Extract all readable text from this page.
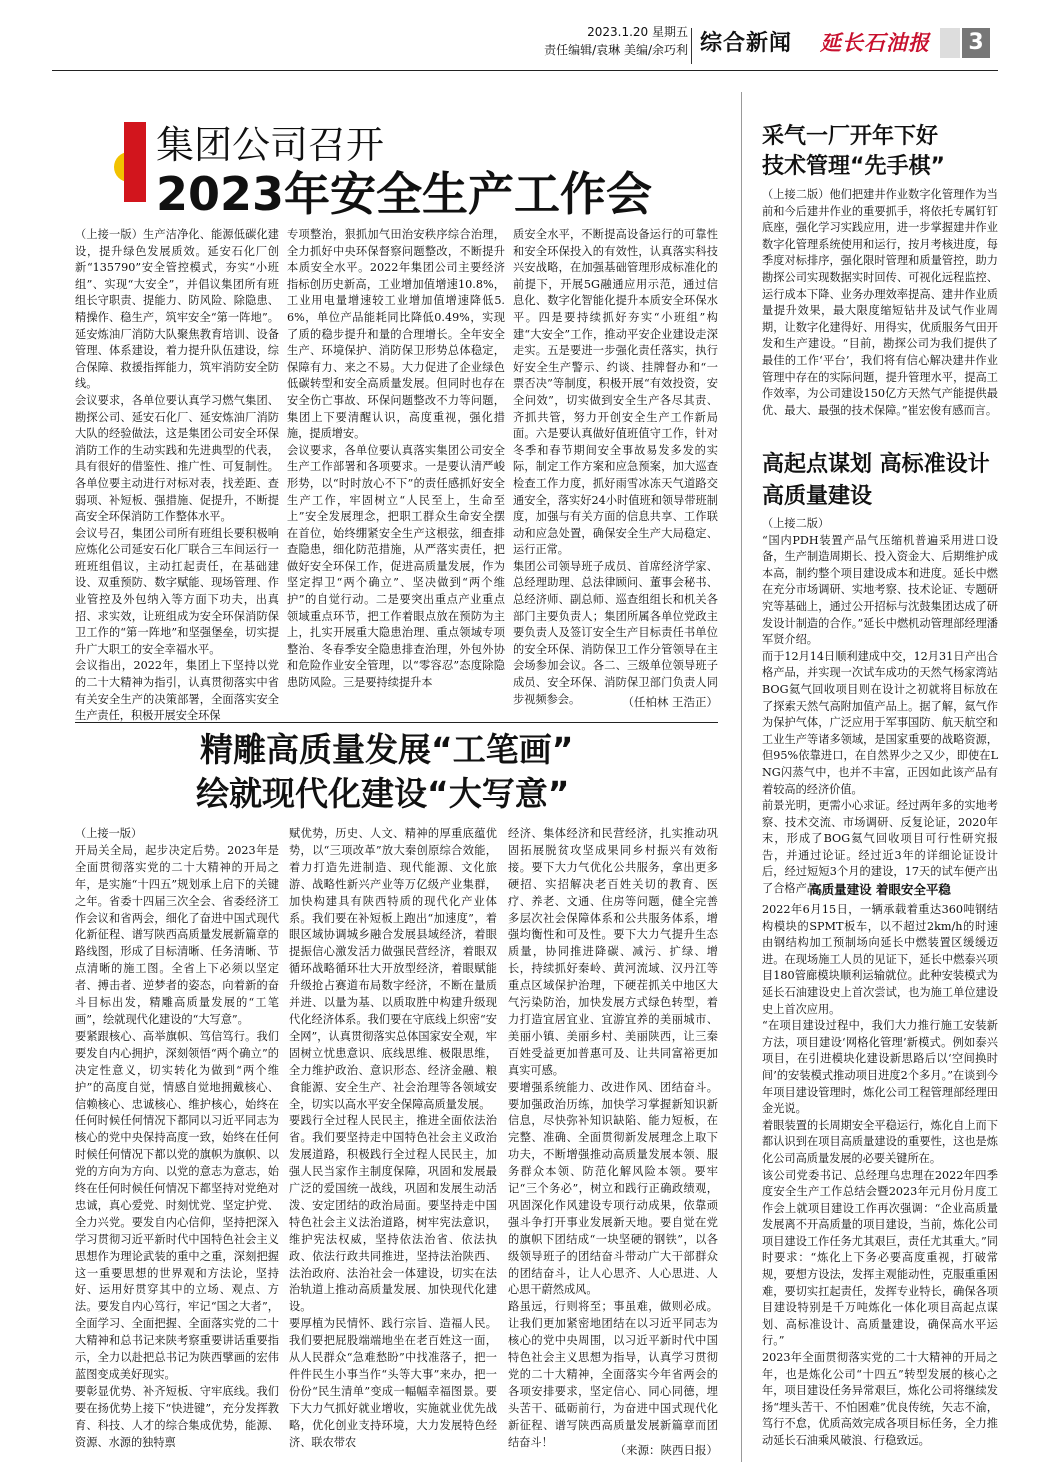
2023.1.20 星期五
责任编辑/袁琳 美编/余巧利 综合新闻	延长石油报	3
集团公司召开
2023年安全生产工作会
（上接一版）生产洁净化、能源低碳化建设，提升绿色发展质效。延安石化厂创新“135790”安全管控模式，夯实“小班组”、实现“大安全”，并倡议集团所有班组长守职责、提能力、防风险、除隐患、精操作、稳生产，筑牢安全“第一阵地”。延安炼油厂消防大队聚焦教育培训、设备管理、体系建设，着力提升队伍建设，综合保障、救援指挥能力，筑牢消防安全防线。
会议要求，各单位要认真学习燃气集团、勘探公司、延安石化厂、延安炼油厂消防大队的经验做法，这是集团公司安全环保消防工作的生动实践和先进典型的代表，具有很好的借鉴性、推广性、可复制性。各单位要主动进行对标对表，找差距、查弱项、补短板、强措施、促提升，不断提高安全环保消防工作整体水平。
会议号召，集团公司所有班组长要积极响应炼化公司延安石化厂联合三车间运行一班班组倡议，主动扛起责任，在基础建设、双重预防、数字赋能、现场管理、作业管控及外包纳入等方面下功夫，出真招、求实效，让班组成为安全环保消防保卫工作的“第一阵地”和坚强堡垒，切实提升广大职工的安全幸福水平。
会议指出，2022年，集团上下坚持以党的二十大精神为指引，认真贯彻落实中省有关安全生产的决策部署，全面落实安全生产责任，积极开展安全环保
专项整治，狠抓加气田治安秩序综合治理，全力抓好中央环保督察问题整改，不断提升本质安全水平。2022年集团公司主要经济指标创历史新高，工业增加值增速10.8%，工业用电量增速较工业增加值增速降低5.6%，单位产品能耗同比降低0.49%，实现了质的稳步提升和量的合理增长。全年安全生产、环境保护、消防保卫形势总体稳定，保障有力、来之不易。大力促进了企业绿色低碳转型和安全高质量发展。但同时也存在安全伤亡事故、环保问题整改不力等问题，集团上下要清醒认识，高度重视，强化措施，提质增安。
会议要求，各单位要认真落实集团公司安全生产工作部署和各项要求。一是要认清严峻形势，以“时时放心不下”的责任感抓好安全生产工作，牢固树立“人民至上，生命至上”安全发展理念，把职工群众生命安全摆在首位，始终绷紧安全生产这根弦，细查排查隐患，细化防范措施，从严落实责任，把做好安全环保工作，促进高质量发展，作为坚定捍卫“两个确立”、坚决做到“两个维护”的自觉行动。二是要突出重点产业重点领域重点环节，把工作着眼点放在预防为主上，扎实开展重大隐患治理、重点领域专项整治、冬春季安全隐患排查治理，外包外协和危险作业安全管理，以“零容忍”态度除隐患防风险。三是要持续提升本
质安全水平，不断提高设备运行的可靠性和安全环保投入的有效性，认真落实科技兴安战略，在加强基础管理形成标准化的前提下，开展5G融通应用示范，通过信息化、数字化智能化提升本质安全环保水平。四是要持续抓好夯实“小班组”构建“大安全”工作，推动平安企业建设走深走实。五是要进一步强化责任落实，执行好安全生产警示、约谈、挂牌督办和“一票否决”等制度，积极开展“有效投资，安全问效”，切实做到安全生产各尽其责、齐抓共管，努力开创安全生产工作新局面。六是要认真做好值班值守工作，针对冬季和春节期间安全事故易发多发的实际，制定工作方案和应急预案，加大巡查检查工作力度，抓好雨雪冰冻天气道路交通安全，落实好24小时值班和领导带班制度，加强与有关方面的信息共享、工作联动和应急处置，确保安全生产大局稳定、运行正常。
集团公司领导班子成员、首席经济学家、总经理助理、总法律顾问、董事会秘书、总经济师、副总师、巡查组组长和机关各部门主要负责人；集团所属各单位党政主要负责人及签订安全生产目标责任书单位的安全环保、消防保卫工作分管领导在主会场参加会议。各二、三级单位领导班子成员、安全环保、消防保卫部门负责人同步视频参会。	（任柏林 王浩正）
精雕高质量发展“工笔画”
绘就现代化建设“大写意”
（上接一版）
开局关全局，起步决定后势。2023年是全面贯彻落实党的二十大精神的开局之年，是实施“十四五”规划承上启下的关键之年。省委十四届三次全会、省委经济工作会议和省两会，细化了奋进中国式现代化新征程、谱写陕西高质量发展新篇章的路线图，形成了目标清晰、任务清晰、节点清晰的施工图。全省上下必须以坚定者、搏击者、逆梦者的姿态，向着新的奋斗目标出发，精雕高质量发展的“工笔画”，绘就现代化建设的“大写意”。
要紧跟核心、高举旗帜、笃信笃行。我们要发自内心拥护，深刻领悟“两个确立”的决定性意义，切实转化为做到“两个维护”的高度自觉，情感自觉地拥戴核心、信赖核心、忠诚核心、维护核心，始终在任何时候任何情况下都同以习近平同志为核心的党中央保持高度一致，始终在任何时候任何情况下都以党的旗帜为旗帜、以党的方向为方向、以党的意志为意志，始终在任何时候任何情况下都坚持对党绝对忠诚，真心爱党、时刻忧党、坚定护党、全力兴党。要发自内心信仰，坚持把深入学习贯彻习近平新时代中国特色社会主义思想作为理论武装的重中之重，深刻把握这一重要思想的世界观和方法论，坚持好、运用好贯穿其中的立场、观点、方法。要发自内心笃行，牢记“国之大者”，全面学习、全面把握、全面落实党的二十大精神和总书记来陕考察重要讲话重要指示，全力以赴把总书记为陕西擘画的宏伟蓝图变成美好现实。
要彰显优势、补齐短板、守牢底线。我们要在扬优势上接下“快进键”，充分发挥教育、科技、人才的综合集成优势，能源、资源、水源的独特禀
赋优势，历史、人文、精神的厚重底蕴优势，以“三项改革”放大秦创原综合效能，着力打造先进制造、现代能源、文化旅游、战略性新兴产业等万亿级产业集群，加快构建具有陕西特质的现代化产业体系。我们要在补短板上跑出“加速度”，着眼区域协调城乡融合发展县域经济，着眼提振信心激发活力做强民营经济，着眼双循环战略循环壮大开放型经济，着眼赋能升级抢占赛道布局数字经济，不断在量质并进、以量为基、以质取胜中构建升级现代化经济体系。我们要在守底线上织密“安全网”，认真贯彻落实总体国家安全观，牢固树立忧患意识、底线思维、极限思维，全力维护政治、意识形态、经济金融、粮食能源、安全生产、社会治理等各领域安全，切实以高水平安全保障高质量发展。
要践行全过程人民民主，推进全面依法治省。我们要坚持走中国特色社会主义政治发展道路，积极践行全过程人民民主，加强人民当家作主制度保障，巩固和发展最广泛的爱国统一战线，巩固和发展生动活泼、安定团结的政治局面。要坚持走中国特色社会主义法治道路，树牢宪法意识，维护宪法权威，坚持依法治省、依法执政、依法行政共同推进，坚持法治陕西、法治政府、法治社会一体建设，切实在法治轨道上推动高质量发展、加快现代化建设。
要厚植为民情怀、践行宗旨、造福人民。我们要把屁股端端地坐在老百姓这一面，从人民群众“急难愁盼”中找准落子，把一件件民生小事当作“头等大事”来办，把一份份“民生清单”变成一幅幅幸福图景。要下大力气抓好就业增收，实施就业优先战略，优化创业支持环境，大力发展特色经济、联农带农
经济、集体经济和民营经济，扎实推动巩固拓展脱贫攻坚成果同乡村振兴有效衔接。要下大力气优化公共服务，拿出更多硬招、实招解决老百姓关切的教育、医疗、养老、文通、住房等问题，健全完善多层次社会保障体系和公共服务体系，增强均衡性和可及性。要下大力气提升生态质量，协同推进降碳、减污、扩绿、增长，持续抓好秦岭、黄河流域、汉丹江等重点区域保护治理，下硬茬抓关中地区大气污染防治，加快发展方式绿色转型，着力打造宜居宜业、宜游宜养的美丽城市、美丽小镇、美丽乡村、美丽陕西，让三秦百姓受益更加普惠可及、让共同富裕更加真实可感。
要增强系统能力、改进作风、团结奋斗。要加强政治历练，加快学习掌握新知识新信息，尽快弥补知识缺陷、能力短板，在完整、准确、全面贯彻新发展理念上取下功夫，不断增强推动高质量发展本领、服务群众本领、防范化解风险本领。要牢记“三个务必”，树立和践行正确政绩观，巩固深化作风建设专项行动成果，依靠顽强斗争打开事业发展新天地。要自觉在党的旗帜下团结成“一块坚硬的钢铁”，以各级领导班子的团结奋斗带动广大干部群众的团结奋斗，让人心思齐、人心思进、人心思干蔚然成风。
路虽远，行则将至；事虽难，做则必成。让我们更加紧密地团结在以习近平同志为核心的党中央周围，以习近平新时代中国特色社会主义思想为指导，认真学习贯彻党的二十大精神，全面落实今年省两会的各项安排要求，坚定信心、同心同德，埋头苦干、砥砺前行，为奋进中国式现代化新征程、谱写陕西高质量发展新篇章而团结奋斗！
（来源：陕西日报）
采气一厂开年下好
技术管理“先手棋”
（上接二版）他们把建井作业数字化管理作为当前和今后建井作业的重要抓手，将依托专属钉钉底座，强化学习实践应用，进一步掌握建井作业数字化管理系统使用和运行，按月考核进度，每季度对标排序，强化限时管理和质量管控，助力勘探公司实现数据实时回传、可视化远程监控、运行成本下降、业务办理效率提高、建井作业质量提升效果，最大限度缩短钻井及试气作业周期，让数字化建得好、用得实，优质服务气田开发和生产建设。“目前，勘探公司为我们提供了最佳的工作‘平台’，我们将有信心解决建井作业管理中存在的实际问题，提升管理水平，提高工作效率，为公司建设150亿方天然气产能提供最优、最大、最强的技术保障。”崔宏俊有感而言。
高起点谋划 高标准设计
高质量建设
（上接二版）
“国内PDH装置产品气压缩机普遍采用进口设备，生产制造周期长、投入资金大、后期维护成本高，制约整个项目建设成本和进度。延长中燃在充分市场调研、实地考察、技术论证、专题研究等基础上，通过公开招标与沈鼓集团达成了研发设计制造的合作。”延长中燃机动管理部经理潘军贤介绍。
而于12月14日顺利建成中交，12月31日产出合格产品，并实现一次试车成功的天然气杨家湾站BOG氦气回收项目则在设计之初就将目标放在了探索天然气高附加值产品上。据了解，氦气作为保护气体，广泛应用于军事国防、航天航空和工业生产等诸多领域，是国家重要的战略资源，但95%依靠进口，在自然界少之又少，即使在LNG闪蒸气中，也并不丰富，正因如此该产品有着较高的经济价值。
前景光明，更需小心求证。经过两年多的实地考察、技术交流、市场调研、反复论证，2020年末，形成了BOG氦气回收项目可行性研究报告，并通过论证。经过近3年的详细论证设计后，经过短短3个月的建设，17天的试车便产出了合格产品。
高质量建设 着眼安全平稳
2022年6月15日，一辆承载着重达360吨钢结构模块的SPMT板车，以不超过2km/h的时速由钢结构加工预制场向延长中燃装置区缓缓迈进。在现场施工人员的见证下，延长中燃泰兴项目180管廊模块顺利运输就位。此种安装模式为延长石油建设史上首次尝试，也为施工单位建设史上首次应用。
“在项目建设过程中，我们大力推行施工安装新方法，项目建设‘网格化管理’新模式。例如泰兴项目，在引进模块化建设新思路后以‘空间换时间’的安装模式推动项目进度2个多月。”在谈到今年项目建设管理时，炼化公司工程管理部经理田金光说。
着眼装置的长周期安全平稳运行，炼化自上而下都认识到在项目高质量建设的重要性，这也是炼化公司高质量发展的必要关键所在。
该公司党委书记、总经理乌忠理在2022年四季度安全生产工作总结会暨2023年元月份月度工作会上就项目建设工作再次强调：“企业高质量发展离不开高质量的项目建设，当前，炼化公司项目建设工作任务尤其艰巨，责任尤其重大。”同时要求：“炼化上下务必要高度重视，打破常规，要想方设法，发挥主观能动性，克服重重困难，要切实扛起责任，发挥专业特长，确保各项目建设特别是千万吨炼化一体化项目高起点谋划、高标准设计、高质量建设，确保高水平运行。”
2023年全面贯彻落实党的二十大精神的开局之年，也是炼化公司“十四五”转型发展的核心之年，项目建设任务异常艰巨，炼化公司将继续发扬“埋头苦干、不怕困难”优良传统，矢志不渝，笃行不怠，优质高效完成各项目标任务，全力推动延长石油乘风破浪、行稳致远。
